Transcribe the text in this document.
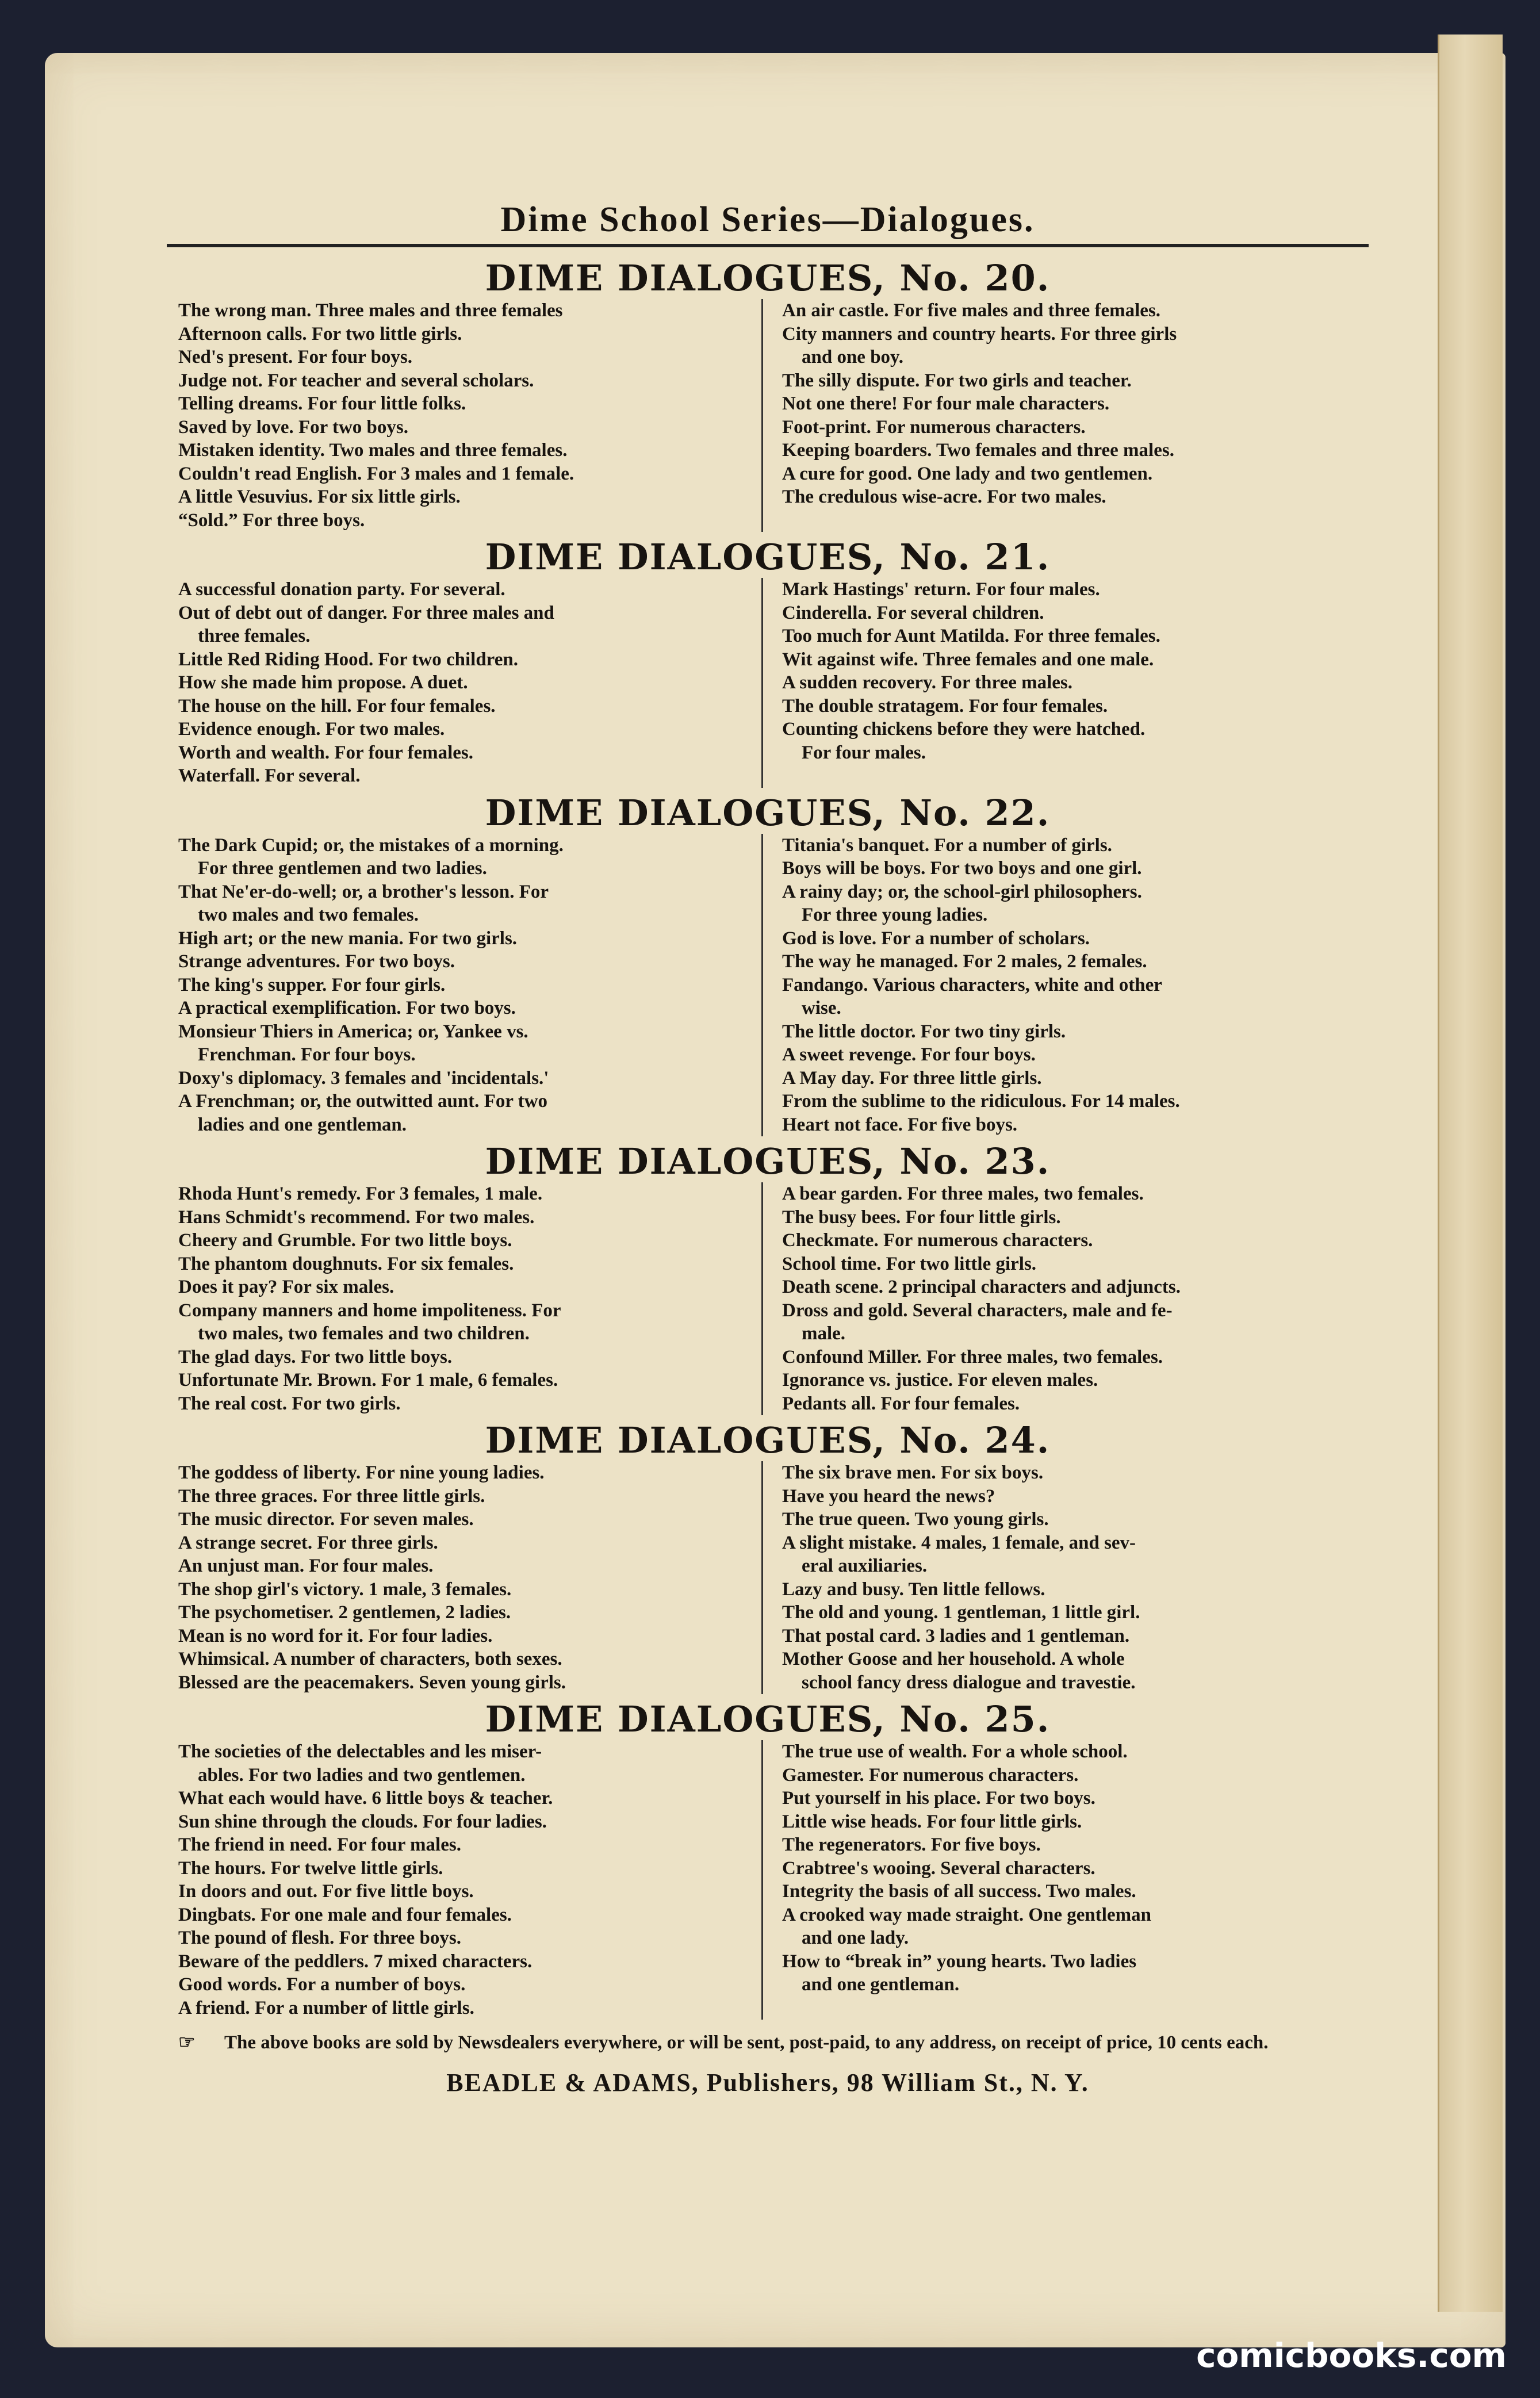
Dime School Series—Dialogues.
DIME DIALOGUES, No. 20.
The wrong man. Three males and three females
Afternoon calls. For two little girls.
Ned's present. For four boys.
Judge not. For teacher and several scholars.
Telling dreams. For four little folks.
Saved by love. For two boys.
Mistaken identity. Two males and three females.
Couldn't read English. For 3 males and 1 female.
A little Vesuvius. For six little girls.
“Sold.” For three boys.
An air castle. For five males and three females.
City manners and country hearts. For three girls
and one boy.
The silly dispute. For two girls and teacher.
Not one there! For four male characters.
Foot-print. For numerous characters.
Keeping boarders. Two females and three males.
A cure for good. One lady and two gentlemen.
The credulous wise-acre. For two males.
DIME DIALOGUES, No. 21.
A successful donation party. For several.
Out of debt out of danger. For three males and
three females.
Little Red Riding Hood. For two children.
How she made him propose. A duet.
The house on the hill. For four females.
Evidence enough. For two males.
Worth and wealth. For four females.
Waterfall. For several.
Mark Hastings' return. For four males.
Cinderella. For several children.
Too much for Aunt Matilda. For three females.
Wit against wife. Three females and one male.
A sudden recovery. For three males.
The double stratagem. For four females.
Counting chickens before they were hatched.
For four males.
DIME DIALOGUES, No. 22.
The Dark Cupid; or, the mistakes of a morning.
For three gentlemen and two ladies.
That Ne'er-do-well; or, a brother's lesson. For
two males and two females.
High art; or the new mania. For two girls.
Strange adventures. For two boys.
The king's supper. For four girls.
A practical exemplification. For two boys.
Monsieur Thiers in America; or, Yankee vs.
Frenchman. For four boys.
Doxy's diplomacy. 3 females and 'incidentals.'
A Frenchman; or, the outwitted aunt. For two
ladies and one gentleman.
Titania's banquet. For a number of girls.
Boys will be boys. For two boys and one girl.
A rainy day; or, the school-girl philosophers.
For three young ladies.
God is love. For a number of scholars.
The way he managed. For 2 males, 2 females.
Fandango. Various characters, white and other
wise.
The little doctor. For two tiny girls.
A sweet revenge. For four boys.
A May day. For three little girls.
From the sublime to the ridiculous. For 14 males.
Heart not face. For five boys.
DIME DIALOGUES, No. 23.
Rhoda Hunt's remedy. For 3 females, 1 male.
Hans Schmidt's recommend. For two males.
Cheery and Grumble. For two little boys.
The phantom doughnuts. For six females.
Does it pay? For six males.
Company manners and home impoliteness. For
two males, two females and two children.
The glad days. For two little boys.
Unfortunate Mr. Brown. For 1 male, 6 females.
The real cost. For two girls.
A bear garden. For three males, two females.
The busy bees. For four little girls.
Checkmate. For numerous characters.
School time. For two little girls.
Death scene. 2 principal characters and adjuncts.
Dross and gold. Several characters, male and fe-
male.
Confound Miller. For three males, two females.
Ignorance vs. justice. For eleven males.
Pedants all. For four females.
DIME DIALOGUES, No. 24.
The goddess of liberty. For nine young ladies.
The three graces. For three little girls.
The music director. For seven males.
A strange secret. For three girls.
An unjust man. For four males.
The shop girl's victory. 1 male, 3 females.
The psychometiser. 2 gentlemen, 2 ladies.
Mean is no word for it. For four ladies.
Whimsical. A number of characters, both sexes.
Blessed are the peacemakers. Seven young girls.
The six brave men. For six boys.
Have you heard the news?
The true queen. Two young girls.
A slight mistake. 4 males, 1 female, and sev-
eral auxiliaries.
Lazy and busy. Ten little fellows.
The old and young. 1 gentleman, 1 little girl.
That postal card. 3 ladies and 1 gentleman.
Mother Goose and her household. A whole
school fancy dress dialogue and travestie.
DIME DIALOGUES, No. 25.
The societies of the delectables and les miser-
ables. For two ladies and two gentlemen.
What each would have. 6 little boys & teacher.
Sun shine through the clouds. For four ladies.
The friend in need. For four males.
The hours. For twelve little girls.
In doors and out. For five little boys.
Dingbats. For one male and four females.
The pound of flesh. For three boys.
Beware of the peddlers. 7 mixed characters.
Good words. For a number of boys.
A friend. For a number of little girls.
The true use of wealth. For a whole school.
Gamester. For numerous characters.
Put yourself in his place. For two boys.
Little wise heads. For four little girls.
The regenerators. For five boys.
Crabtree's wooing. Several characters.
Integrity the basis of all success. Two males.
A crooked way made straight. One gentleman
and one lady.
How to “break in” young hearts. Two ladies
and one gentleman.
☞ The above books are sold by Newsdealers everywhere, or will be sent, post-paid, to any address, on receipt of price, 10 cents each.
BEADLE & ADAMS, Publishers, 98 William St., N. Y.
comicbooks.com
